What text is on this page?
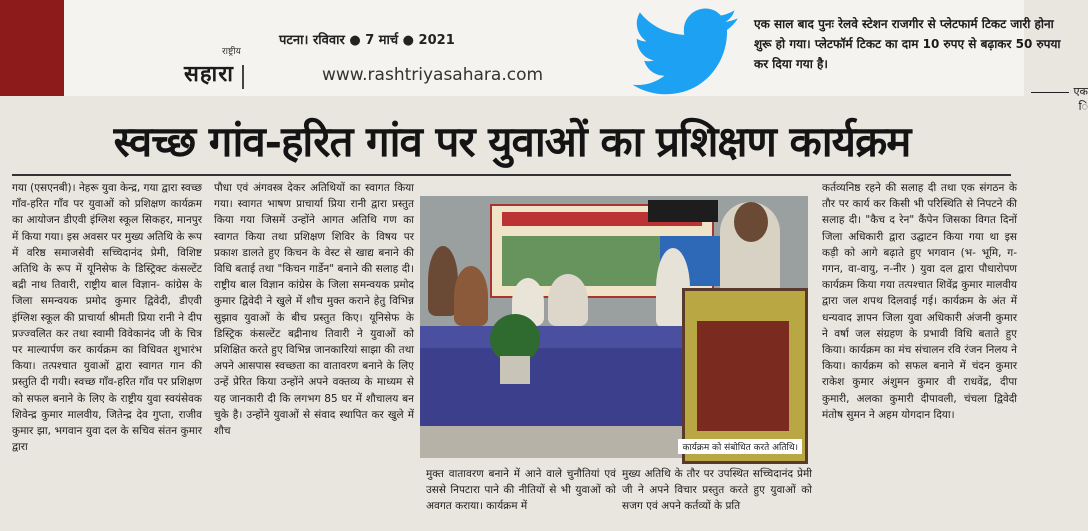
पटना। रविवार ● 7 मार्च ● 2021
राष्ट्रीय
सहारा	www.rashtriyasahara.com
एक साल बाद पुनः रेलवे स्टेशन राजगीर से प्लेटफार्म टिकट जारी होना शुरू हो गया। प्लेटफॉर्म टिकट का दाम 10 रुपए से बढ़ाकर 50 रुपया कर दिया गया है।
एक ि
स्वच्छ गांव-हरित गांव पर युवाओं का प्रशिक्षण कार्यक्रम

गया (एसएनबी)। नेहरू युवा केन्द्र, गया द्वारा स्वच्छ गाँव-हरित गाँव पर युवाओं को प्रशिक्षण कार्यक्रम का आयोजन डीएवी इंग्लिश स्कूल सिकहर, मानपुर में किया गया। इस अवसर पर मुख्य अतिथि के रूप में वरिष्ठ समाजसेवी सच्चिदानंद प्रेमी, विशिष्ट अतिथि के रूप में यूनिसेफ के डिस्ट्रिक्ट कंसल्टेंट बद्री नाथ तिवारी, राष्ट्रीय बाल विज्ञान- कांग्रेस के जिला समन्वयक प्रमोद कुमार द्विवेदी, डीएवी इंग्लिश स्कूल की प्राचार्या श्रीमती प्रिया रानी ने दीप प्रज्ज्वलित कर तथा स्वामी विवेकानंद जी के चित्र पर माल्यार्पण कर कार्यक्रम का विधिवत शुभारंभ किया। तत्पश्चात युवाओं द्वारा स्वागत गान की प्रस्तुति दी गयी। स्वच्छ गाँव-हरित गाँव पर प्रशिक्षण को सफल बनाने के लिए के राष्ट्रीय युवा स्वयंसेवक शिवेन्द्र कुमार मालवीय, जितेन्द्र देव गुप्ता, राजीव कुमार झा, भगवान युवा दल के सचिव संतन कुमार द्वारा

पौधा एवं अंगवस्त्र देकर अतिथियों का स्वागत किया गया। स्वागत भाषण प्राचार्या प्रिया रानी द्वारा प्रस्तुत किया गया जिसमें उन्होंने आगत अतिथि गण का स्वागत किया तथा प्रशिक्षण शिविर के विषय पर प्रकाश डालते हुए किचन के वेस्ट से खाद्य बनाने की विधि बताई तथा "किचन गार्डेन" बनाने की सलाह दी। राष्ट्रीय बाल विज्ञान कांग्रेस के जिला समन्वयक प्रमोद कुमार द्विवेदी ने खुले में शौच मुक्त कराने हेतु विभिन्न सुझाव युवाओं के बीच प्रस्तुत किए। यूनिसेफ के डिस्ट्रिक कंसल्टेंट बद्रीनाथ तिवारी ने युवाओं को प्रशिक्षित करते हुए विभिन्न जानकारियां साझा की तथा अपने आसपास स्वच्छता का वातावरण बनाने के लिए उन्हें प्रेरित किया उन्होंने अपने वक्तव्य के माध्यम से यह जानकारी दी कि लगभग 85 घर में शौचालय बन चुके है। उन्होंने युवाओं से संवाद स्थापित कर खुले में शौच

कार्यक्रम को संबोधित करते अतिथि।

मुक्त वातावरण बनाने में आने वाले चुनौतियां एवं उससे निपटारा पाने की नीतियों से भी युवाओं को अवगत कराया। कार्यक्रम में

मुख्य अतिथि के तौर पर उपस्थित सच्चिदानंद प्रेमी जी ने अपने विचार प्रस्तुत करते हुए युवाओं को सजग एवं अपने कर्तव्यों के प्रति

कर्तव्यनिष्ठ रहने की सलाह दी तथा एक संगठन के तौर पर कार्य कर किसी भी परिस्थिति से निपटने की सलाह दी। "कैच द रेन" कैंपेन जिसका विगत दिनों जिला अधिकारी द्वारा उद्घाटन किया गया था इस कड़ी को आगे बढ़ाते हुए भगवान (भ- भूमि, ग-गगन, वा-वायु, न-नीर ) युवा दल द्वारा पौधारोपण कार्यक्रम किया गया तत्पश्चात शिवेंद्र कुमार मालवीय द्वारा जल शपथ दिलवाई गई। कार्यक्रम के अंत में धन्यवाद ज्ञापन जिला युवा अधिकारी अंजनी कुमार ने वर्षा जल संग्रहण के प्रभावी विधि बताते हुए किया। कार्यक्रम का मंच संचालन रवि रंजन निलय ने किया। कार्यक्रम को सफल बनाने में चंदन कुमार राकेश कुमार अंशुमन कुमार वी राधवेंद्र, दीपा कुमारी, अलका कुमारी दीपावली, चंचला द्विवेदी मंतोष सुमन ने अहम योगदान दिया।
